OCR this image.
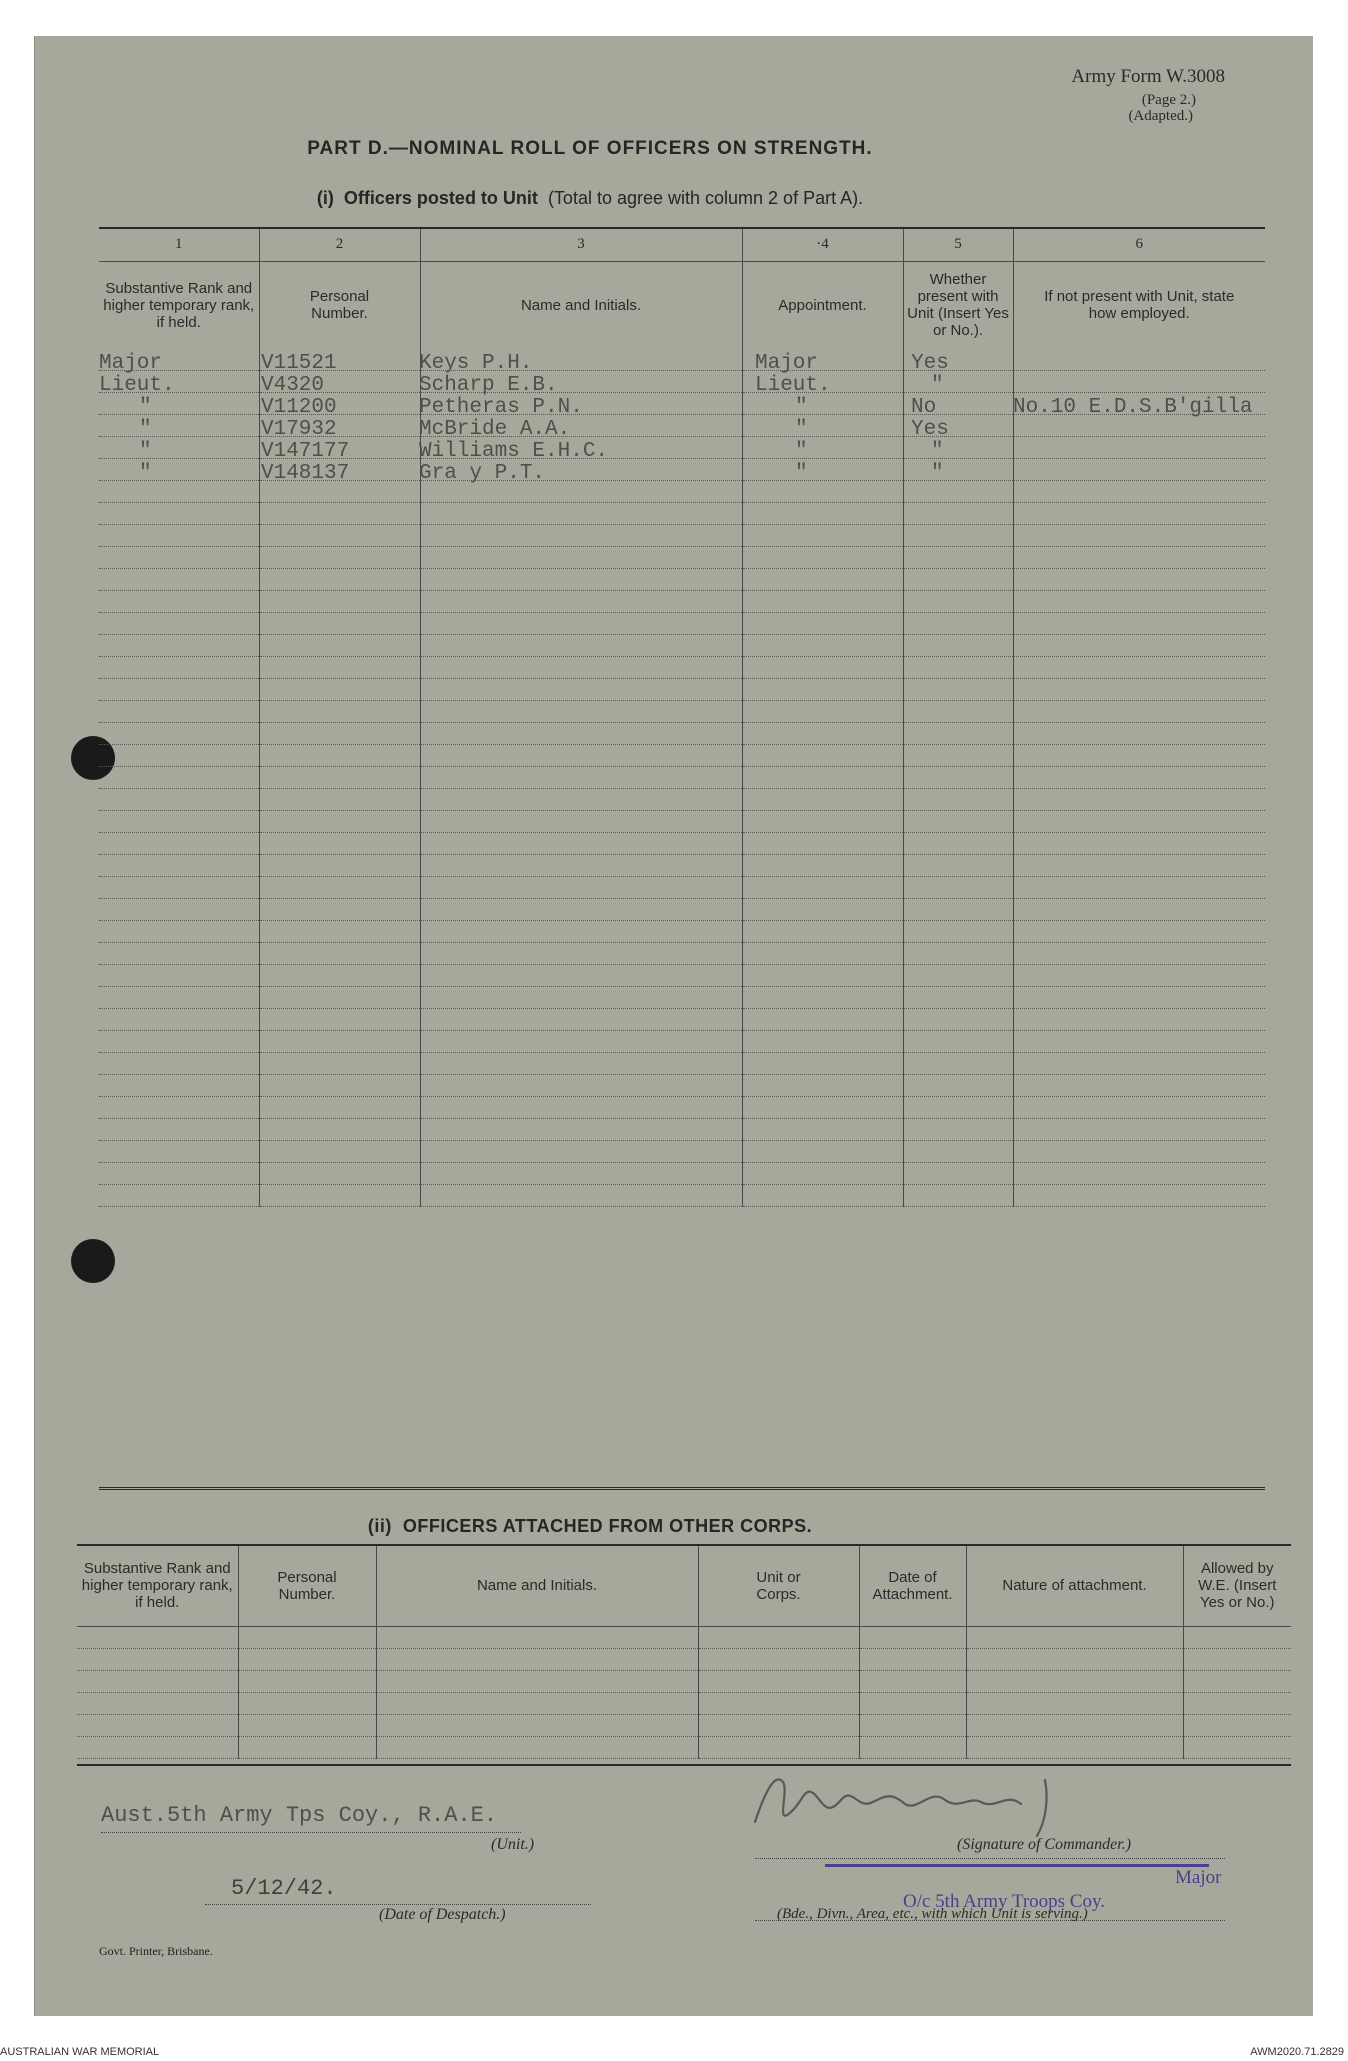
Army Form W.3008
(Page 2.)
(Adapted.)
PART D.—NOMINAL ROLL OF OFFICERS ON STRENGTH.
(i) Officers posted to Unit (Total to agree with column 2 of Part A).
1	2	3	·4	5	6
Substantive Rank and higher temporary rank, if held.	Personal Number.	Name and Initials.	Appointment.	Whether present with Unit (Insert Yes or No.).	If not present with Unit, state how employed.

Major	V11521	Keys P.H.	Major	Yes
Lieut.	V4320	Scharp E.B.	Lieut.	"
"	V11200	Petheras P.N.	"	No	No.10 E.D.S.B'gilla
"	V17932	McBride A.A.	"	Yes
"	V147177	Williams E.H.C.	"	"
"	V148137	Gra y P.T.	"	"
(ii) OFFICERS ATTACHED FROM OTHER CORPS.
Substantive Rank and higher temporary rank, if held.	Personal Number.	Name and Initials.	Unit or Corps.	Date of Attachment.	Nature of attachment.	Allowed by W.E. (Insert Yes or No.)

Aust.5th Army Tps Coy., R.A.E.
(Unit.)
5/12/42.
(Date of Despatch.)
(Signature of Commander.)
Major
O/c 5th Army Troops Coy.
(Bde., Divn., Area, etc., with which Unit is serving.)
Govt. Printer, Brisbane.
AUSTRALIAN WAR MEMORIAL	AWM2020.71.2829
